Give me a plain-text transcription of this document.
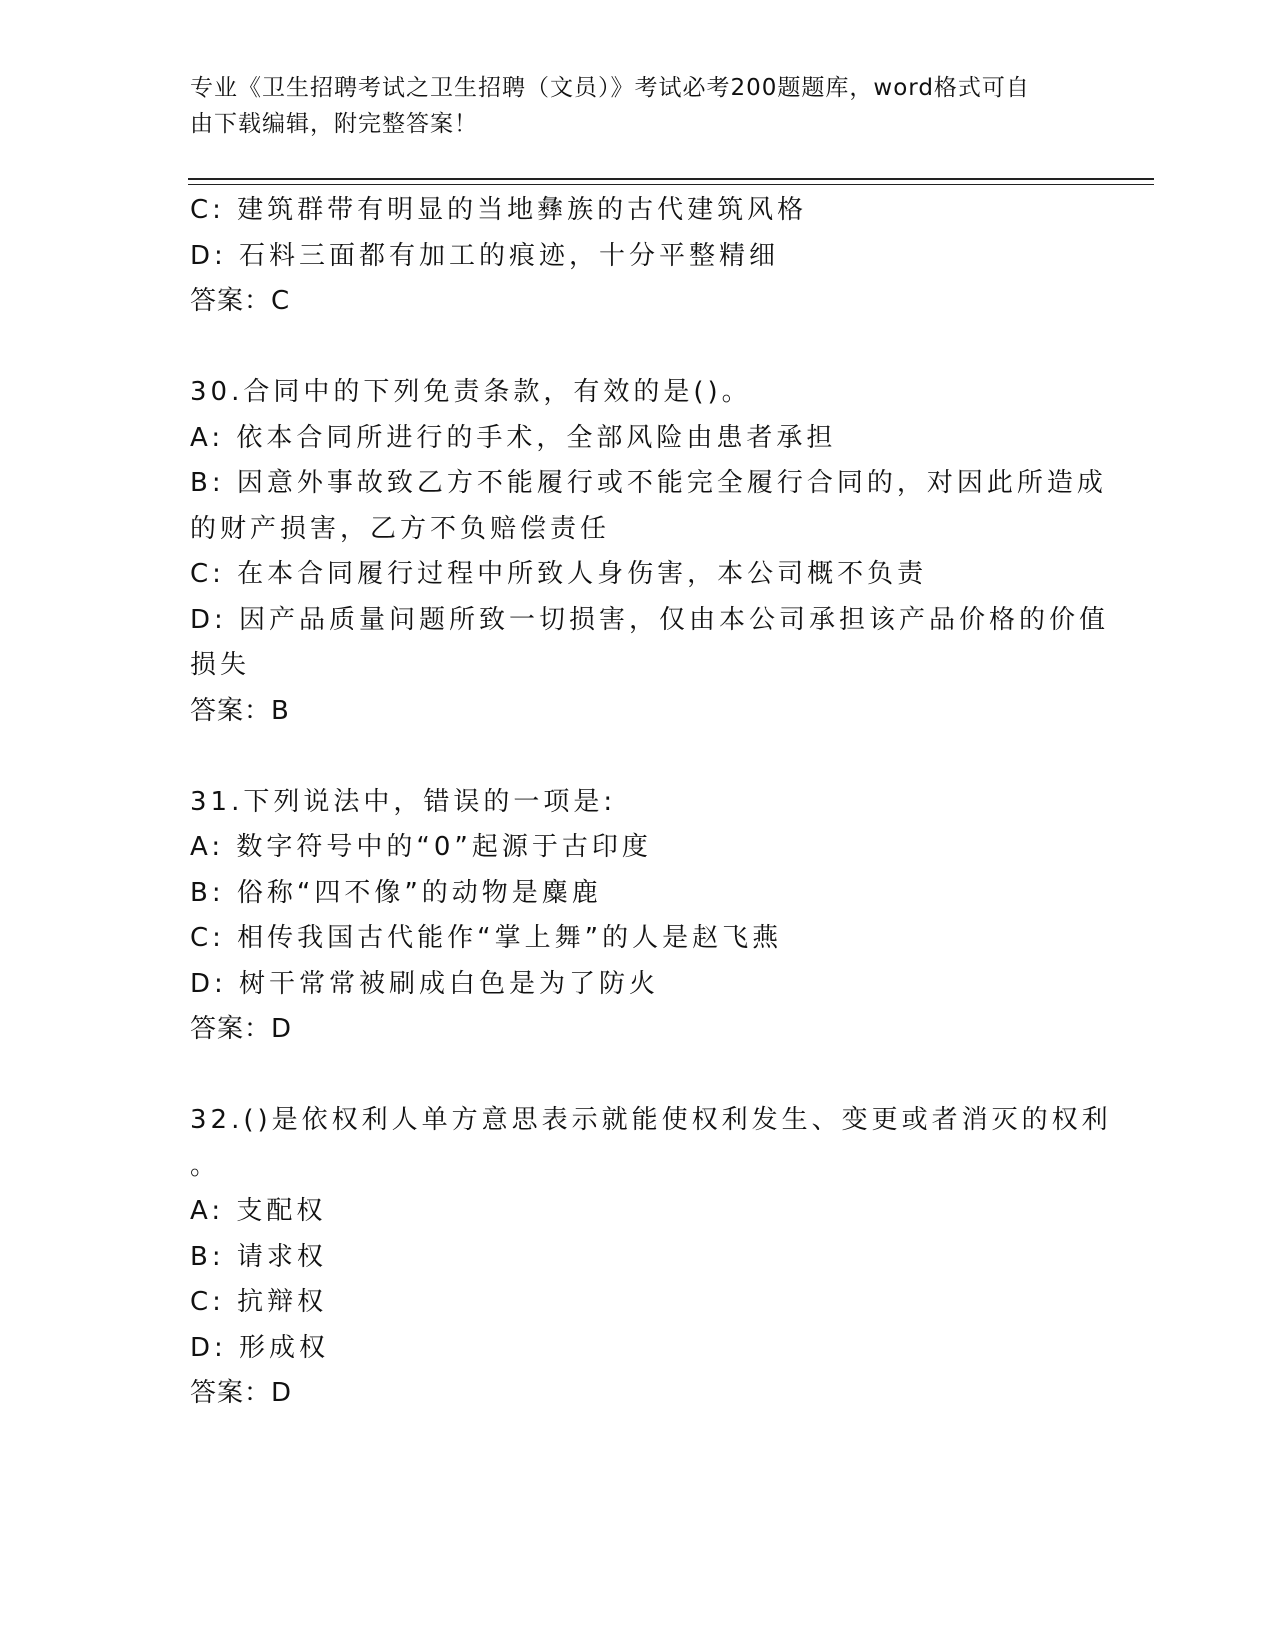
专业《卫生招聘考试之卫生招聘（文员）》考试必考200题题库，word格式可自
由下载编辑，附完整答案！
C: 建筑群带有明显的当地彝族的古代建筑风格
D: 石料三面都有加工的痕迹，十分平整精细
答案：C
30.合同中的下列免责条款，有效的是()。
A: 依本合同所进行的手术，全部风险由患者承担
B: 因意外事故致乙方不能履行或不能完全履行合同的，对因此所造成
的财产损害，乙方不负赔偿责任
C: 在本合同履行过程中所致人身伤害，本公司概不负责
D: 因产品质量问题所致一切损害，仅由本公司承担该产品价格的价值
损失
答案：B
31.下列说法中，错误的一项是:
A: 数字符号中的“0”起源于古印度
B: 俗称“四不像”的动物是麋鹿
C: 相传我国古代能作“掌上舞”的人是赵飞燕
D: 树干常常被刷成白色是为了防火
答案：D
32.()是依权利人单方意思表示就能使权利发生、变更或者消灭的权利
。
A: 支配权
B: 请求权
C: 抗辩权
D: 形成权
答案：D
